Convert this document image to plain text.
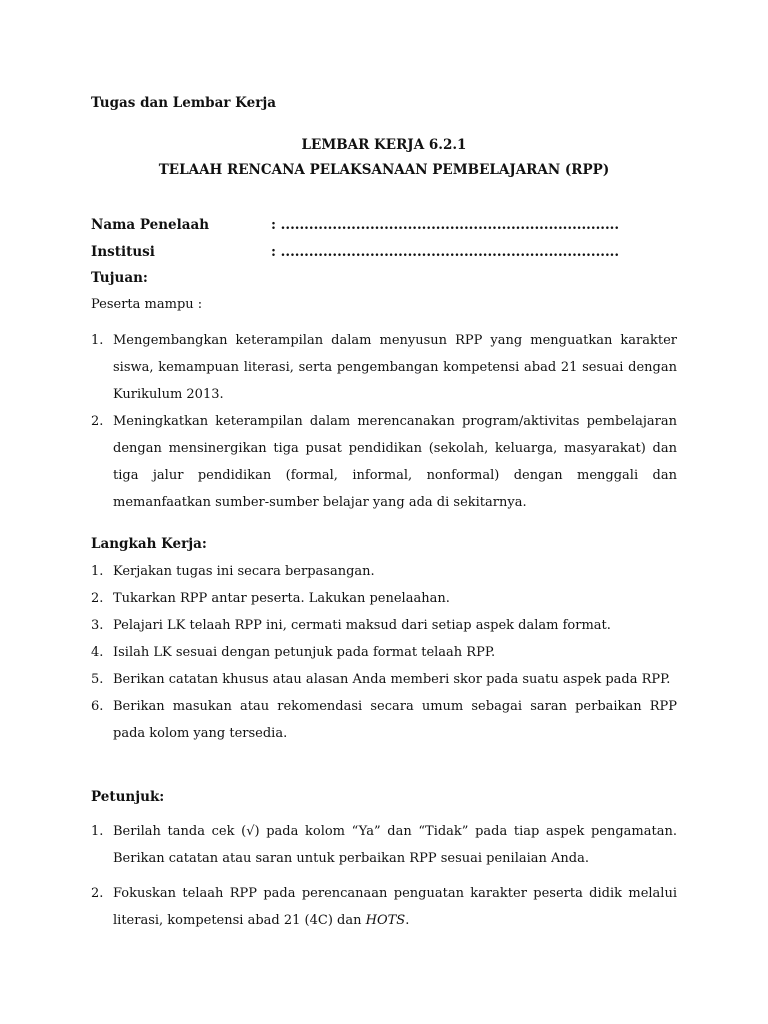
Tugas dan Lembar Kerja
LEMBAR KERJA 6.2.1
TELAAH RENCANA PELAKSANAAN PEMBELAJARAN (RPP)
Nama Penelaah	: ........................................................................
Institusi	: ........................................................................
Tujuan:
Peserta mampu :
1. Mengembangkan keterampilan dalam menyusun RPP yang menguatkan karakter siswa, kemampuan literasi, serta pengembangan kompetensi abad 21 sesuai dengan Kurikulum 2013.
2. Meningkatkan keterampilan dalam merencanakan program/aktivitas pembelajaran dengan mensinergikan tiga pusat pendidikan (sekolah, keluarga, masyarakat) dan tiga jalur pendidikan (formal, informal, nonformal) dengan menggali dan memanfaatkan sumber-sumber belajar yang ada di sekitarnya.
Langkah Kerja:
1. Kerjakan tugas ini secara berpasangan.
2. Tukarkan RPP antar peserta. Lakukan penelaahan.
3. Pelajari LK telaah RPP ini, cermati maksud dari setiap aspek dalam format.
4. Isilah LK sesuai dengan petunjuk pada format telaah RPP.
5. Berikan catatan khusus atau alasan Anda memberi skor pada suatu aspek pada RPP.
6. Berikan masukan atau rekomendasi secara umum sebagai saran perbaikan RPP pada kolom yang tersedia.
Petunjuk:
1. Berilah tanda cek (√) pada kolom “Ya” dan “Tidak” pada tiap aspek pengamatan. Berikan catatan atau saran untuk perbaikan RPP sesuai penilaian Anda.
2. Fokuskan telaah RPP pada perencanaan penguatan karakter peserta didik melalui literasi, kompetensi abad 21 (4C) dan HOTS.
